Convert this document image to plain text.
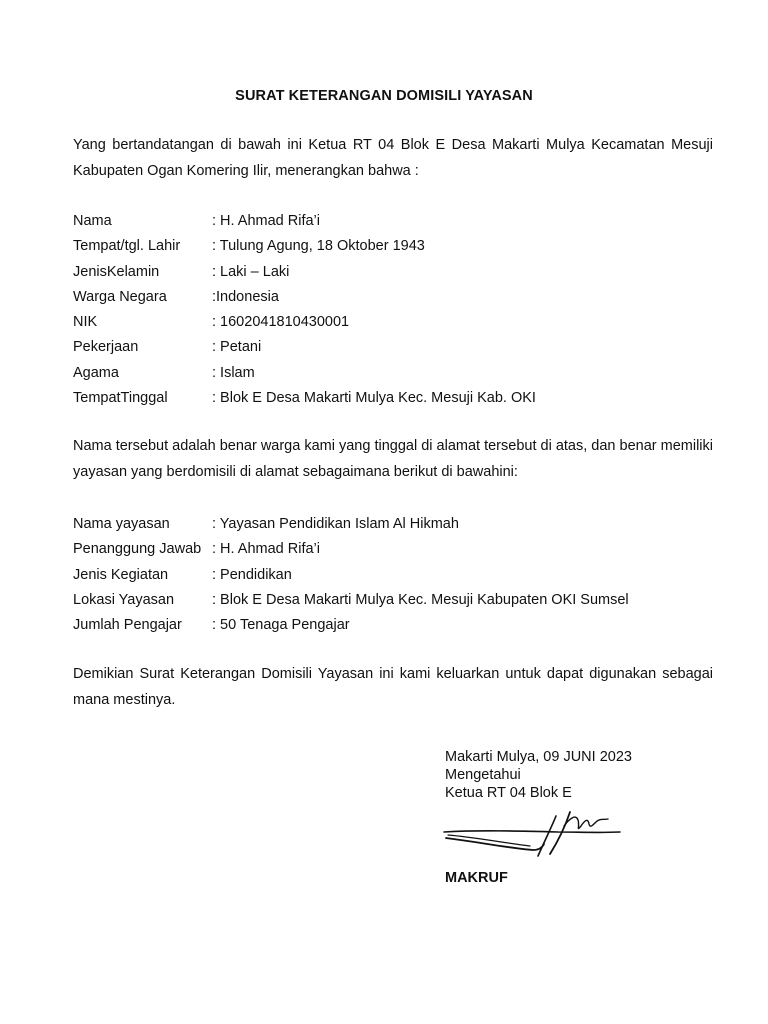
SURAT KETERANGAN DOMISILI YAYASAN
Yang bertandatangan di bawah ini Ketua RT 04 Blok E Desa Makarti Mulya Kecamatan Mesuji Kabupaten Ogan Komering Ilir, menerangkan bahwa :
Nama	: H. Ahmad Rifa’i
Tempat/tgl. Lahir : Tulung Agung, 18 Oktober 1943
JenisKelamin	: Laki – Laki
Warga Negara	:Indonesia
NIK	: 1602041810430001
Pekerjaan	: Petani
Agama	: Islam
TempatTinggal	: Blok E Desa Makarti Mulya Kec. Mesuji Kab. OKI
Nama tersebut adalah benar warga kami yang tinggal di alamat tersebut di atas, dan benar memiliki yayasan yang berdomisili di alamat sebagaimana berikut di bawahini:
Nama yayasan	: Yayasan Pendidikan Islam Al Hikmah
Penanggung Jawab : H. Ahmad Rifa’i
Jenis Kegiatan	: Pendidikan
Lokasi Yayasan	: Blok E Desa Makarti Mulya Kec. Mesuji Kabupaten OKI Sumsel
Jumlah Pengajar : 50 Tenaga Pengajar
Demikian Surat Keterangan Domisili Yayasan ini kami keluarkan untuk dapat digunakan sebagai mana mestinya.
Makarti Mulya, 09 JUNI 2023
Mengetahui
Ketua RT 04 Blok E
MAKRUF
